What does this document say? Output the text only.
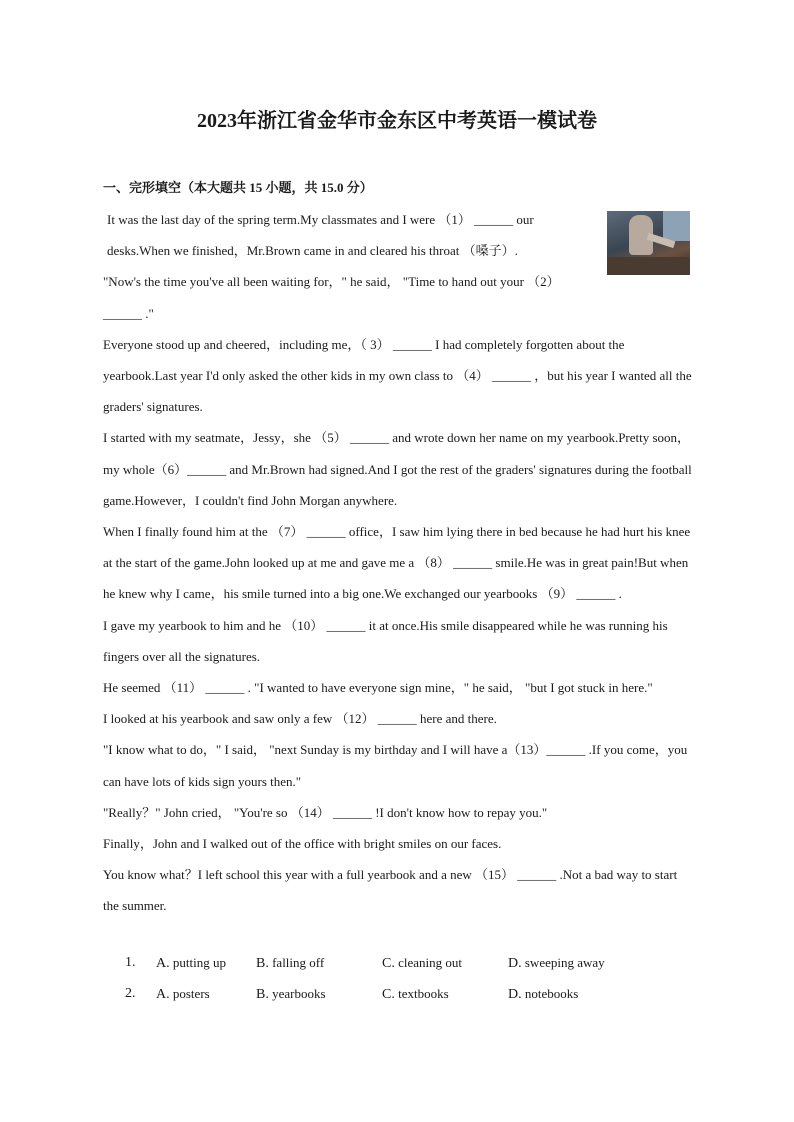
2023年浙江省金华市金东区中考英语一模试卷
一、完形填空（本大题共 15 小题，共 15.0 分）

It was the last day of the spring term.My classmates and I were （1） ______ our desks.When we finished，Mr.Brown came in and cleared his throat （嗓子）.

"Now's the time you've all been waiting for，" he said， "Time to hand out your （2） ______ ."

Everyone stood up and cheered，including me，（ 3） ______ I had completely forgotten about the yearbook.Last year I'd only asked the other kids in my own class to （4） ______ ，but his year I wanted all the graders' signatures.

I started with my seatmate，Jessy，she （5） ______ and wrote down her name on my yearbook.Pretty soon，my whole（6）______ and Mr.Brown had signed.And I got the rest of the graders' signatures during the football game.However，I couldn't find John Morgan anywhere.

When I finally found him at the （7） ______ office，I saw him lying there in bed because he had hurt his knee at the start of the game.John looked up at me and gave me a （8） ______ smile.He was in great pain!But when he knew why I came，his smile turned into a big one.We exchanged our yearbooks （9） ______ .

I gave my yearbook to him and he （10） ______ it at once.His smile disappeared while he was running his fingers over all the signatures.

He seemed （11） ______ . "I wanted to have everyone sign mine，" he said， "but I got stuck in here."

I looked at his yearbook and saw only a few （12） ______ here and there.

"I know what to do，" I said， "next Sunday is my birthday and I will have a（13）______ .If you come，you can have lots of kids sign yours then."

"Really？" John cried， "You're so （14） ______ !I don't know how to repay you."

Finally，John and I walked out of the office with bright smiles on our faces.

You know what？I left school this year with a full yearbook and a new （15） ______ .Not a bad way to start the summer.

1. A. putting up B. falling off	C. cleaning out	D. sweeping away
2. A. posters	B. yearbooks	C. textbooks	D. notebooks
